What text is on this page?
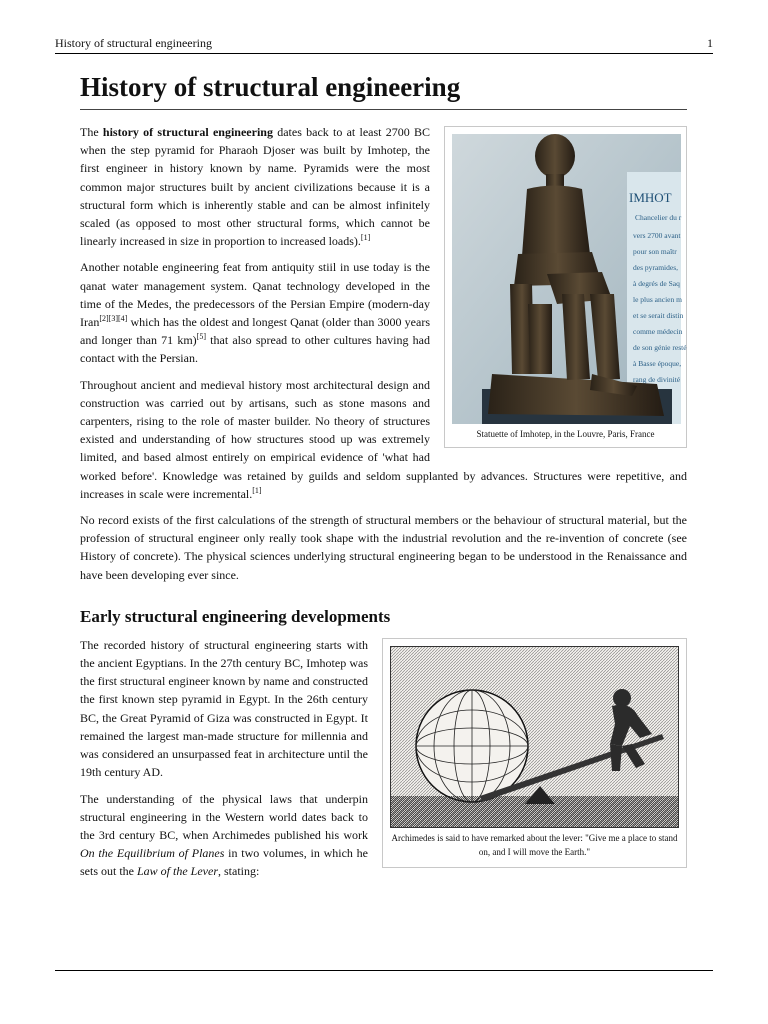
History of structural engineering	1
History of structural engineering
IMHOT
Chancelier du r
vers 2700 avant
pour son maîtr
des pyramides,
à degrés de Saq
le plus ancien m
et se serait distin
comme médecin
de son génie resté
à Basse époque,
rang de divinité
Statuette of Imhotep, in the Louvre, Paris, France

The history of structural engineering dates back to at least 2700 BC when the step pyramid for Pharaoh Djoser was built by Imhotep, the first engineer in history known by name. Pyramids were the most common major structures built by ancient civilizations because it is a structural form which is inherently stable and can be almost infinitely scaled (as opposed to most other structural forms, which cannot be linearly increased in size in proportion to increased loads).[1]

Another notable engineering feat from antiquity stiil in use today is the qanat water management system. Qanat technology developed in the time of the Medes, the predecessors of the Persian Empire (modern-day Iran[2][3][4] which has the oldest and longest Qanat (older than 3000 years and longer than 71 km)[5] that also spread to other cultures having had contact with the Persian.

Throughout ancient and medieval history most architectural design and construction was carried out by artisans, such as stone masons and carpenters, rising to the role of master builder. No theory of structures existed and understanding of how structures stood up was extremely limited, and based almost entirely on empirical evidence of 'what had worked before'. Knowledge was retained by guilds and seldom supplanted by advances. Structures were repetitive, and increases in scale were incremental.[1]

No record exists of the first calculations of the strength of structural members or the behaviour of structural material, but the profession of structural engineer only really took shape with the industrial revolution and the re-invention of concrete (see History of concrete). The physical sciences underlying structural engineering began to be understood in the Renaissance and have been developing ever since.

Early structural engineering developments
Archimedes is said to have remarked about the lever: "Give me a place to stand on, and I will move the Earth."

The recorded history of structural engineering starts with the ancient Egyptians. In the 27th century BC, Imhotep was the first structural engineer known by name and constructed the first known step pyramid in Egypt. In the 26th century BC, the Great Pyramid of Giza was constructed in Egypt. It remained the largest man-made structure for millennia and was considered an unsurpassed feat in architecture until the 19th century AD.

The understanding of the physical laws that underpin structural engineering in the Western world dates back to the 3rd century BC, when Archimedes published his work On the Equilibrium of Planes in two volumes, in which he sets out the Law of the Lever, stating:
